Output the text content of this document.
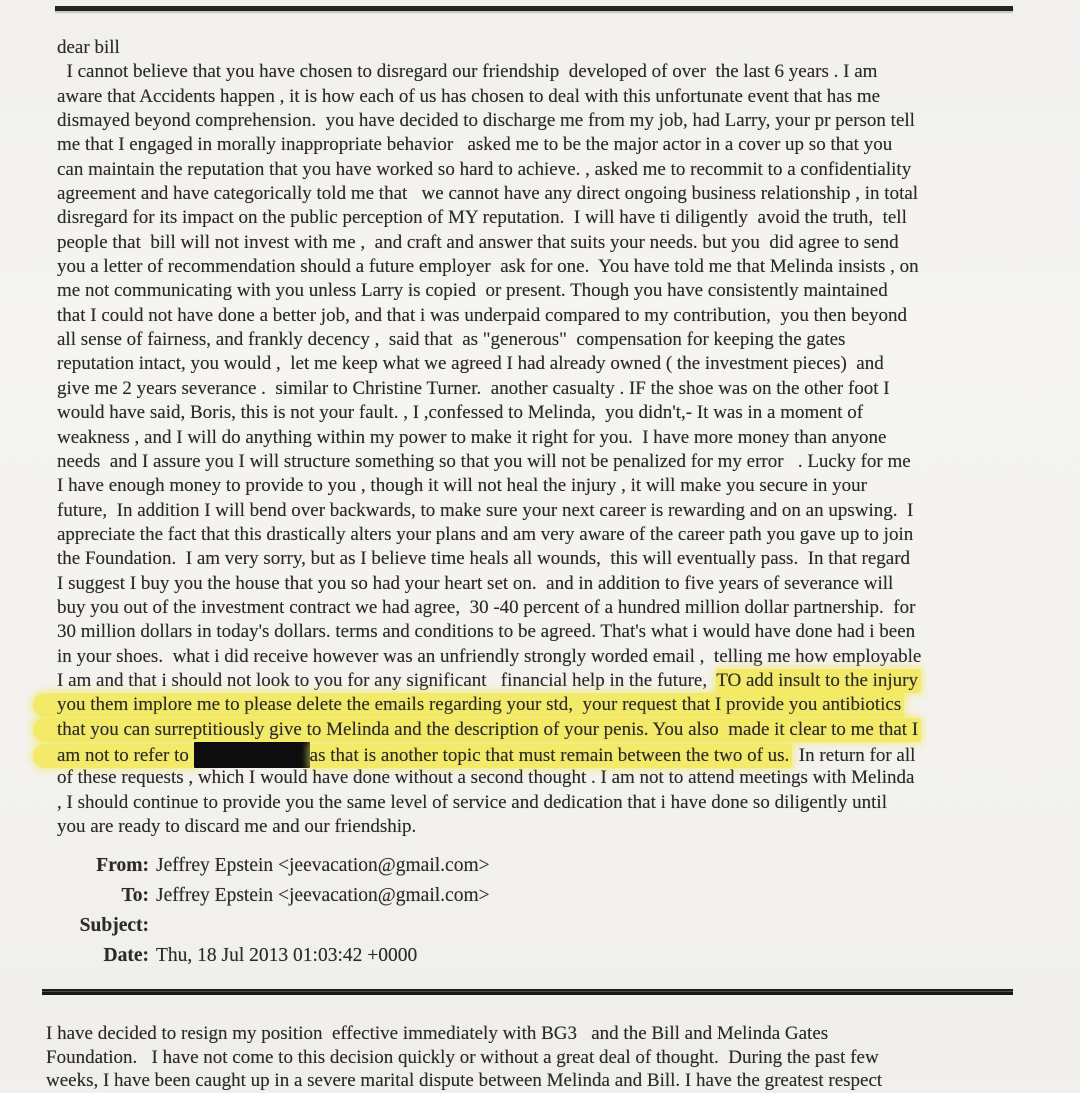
dear bill
I cannot believe that you have chosen to disregard our friendship  developed of over  the last 6 years . I am
aware that Accidents happen , it is how each of us has chosen to deal with this unfortunate event that has me
dismayed beyond comprehension.  you have decided to discharge me from my job, had Larry, your pr person tell
me that I engaged in morally inappropriate behavior   asked me to be the major actor in a cover up so that you
can maintain the reputation that you have worked so hard to achieve. , asked me to recommit to a confidentiality
agreement and have categorically told me that   we cannot have any direct ongoing business relationship , in total
disregard for its impact on the public perception of MY reputation.  I will have ti diligently  avoid the truth,  tell
people that  bill will not invest with me ,  and craft and answer that suits your needs. but you  did agree to send
you a letter of recommendation should a future employer  ask for one.  You have told me that Melinda insists , on
me not communicating with you unless Larry is copied  or present. Though you have consistently maintained
that I could not have done a better job, and that i was underpaid compared to my contribution,  you then beyond
all sense of fairness, and frankly decency ,  said that  as "generous"  compensation for keeping the gates
reputation intact, you would ,  let me keep what we agreed I had already owned ( the investment pieces)  and
give me 2 years severance .  similar to Christine Turner.  another casualty . IF the shoe was on the other foot I
would have said, Boris, this is not your fault. , I ,confessed to Melinda,  you didn't,- It was in a moment of
weakness , and I will do anything within my power to make it right for you.  I have more money than anyone
needs  and I assure you I will structure something so that you will not be penalized for my error   . Lucky for me
I have enough money to provide to you , though it will not heal the injury , it will make you secure in your
future,  In addition I will bend over backwards, to make sure your next career is rewarding and on an upswing.  I
appreciate the fact that this drastically alters your plans and am very aware of the career path you gave up to join
the Foundation.  I am very sorry, but as I believe time heals all wounds,  this will eventually pass.  In that regard
I suggest I buy you the house that you so had your heart set on.  and in addition to five years of severance will
buy you out of the investment contract we had agree,  30 -40 percent of a hundred million dollar partnership.  for
30 million dollars in today's dollars. terms and conditions to be agreed. That's what i would have done had i been
in your shoes.  what i did receive however was an unfriendly strongly worded email ,  telling me how employable
I am and that i should not look to you for any significant   financial help in the future,  TO add insult to the injury
you them implore me to please delete the emails regarding your std,  your request that I provide you antibiotics
that you can surreptitiously give to Melinda and the description of your penis. You also  made it clear to me that I
am not to refer to	as that is another topic that must remain between the two of us.  In return for all
of these requests , which I would have done without a second thought . I am not to attend meetings with Melinda
, I should continue to provide you the same level of service and dedication that i have done so diligently until
you are ready to discard me and our friendship.
From: Jeffrey Epstein <jeevacation@gmail.com>
To: Jeffrey Epstein <jeevacation@gmail.com>
Subject:
Date: Thu, 18 Jul 2013 01:03:42 +0000
I have decided to resign my position  effective immediately with BG3   and the Bill and Melinda Gates
Foundation.   I have not come to this decision quickly or without a great deal of thought.  During the past few
weeks, I have been caught up in a severe marital dispute between Melinda and Bill. I have the greatest respect
